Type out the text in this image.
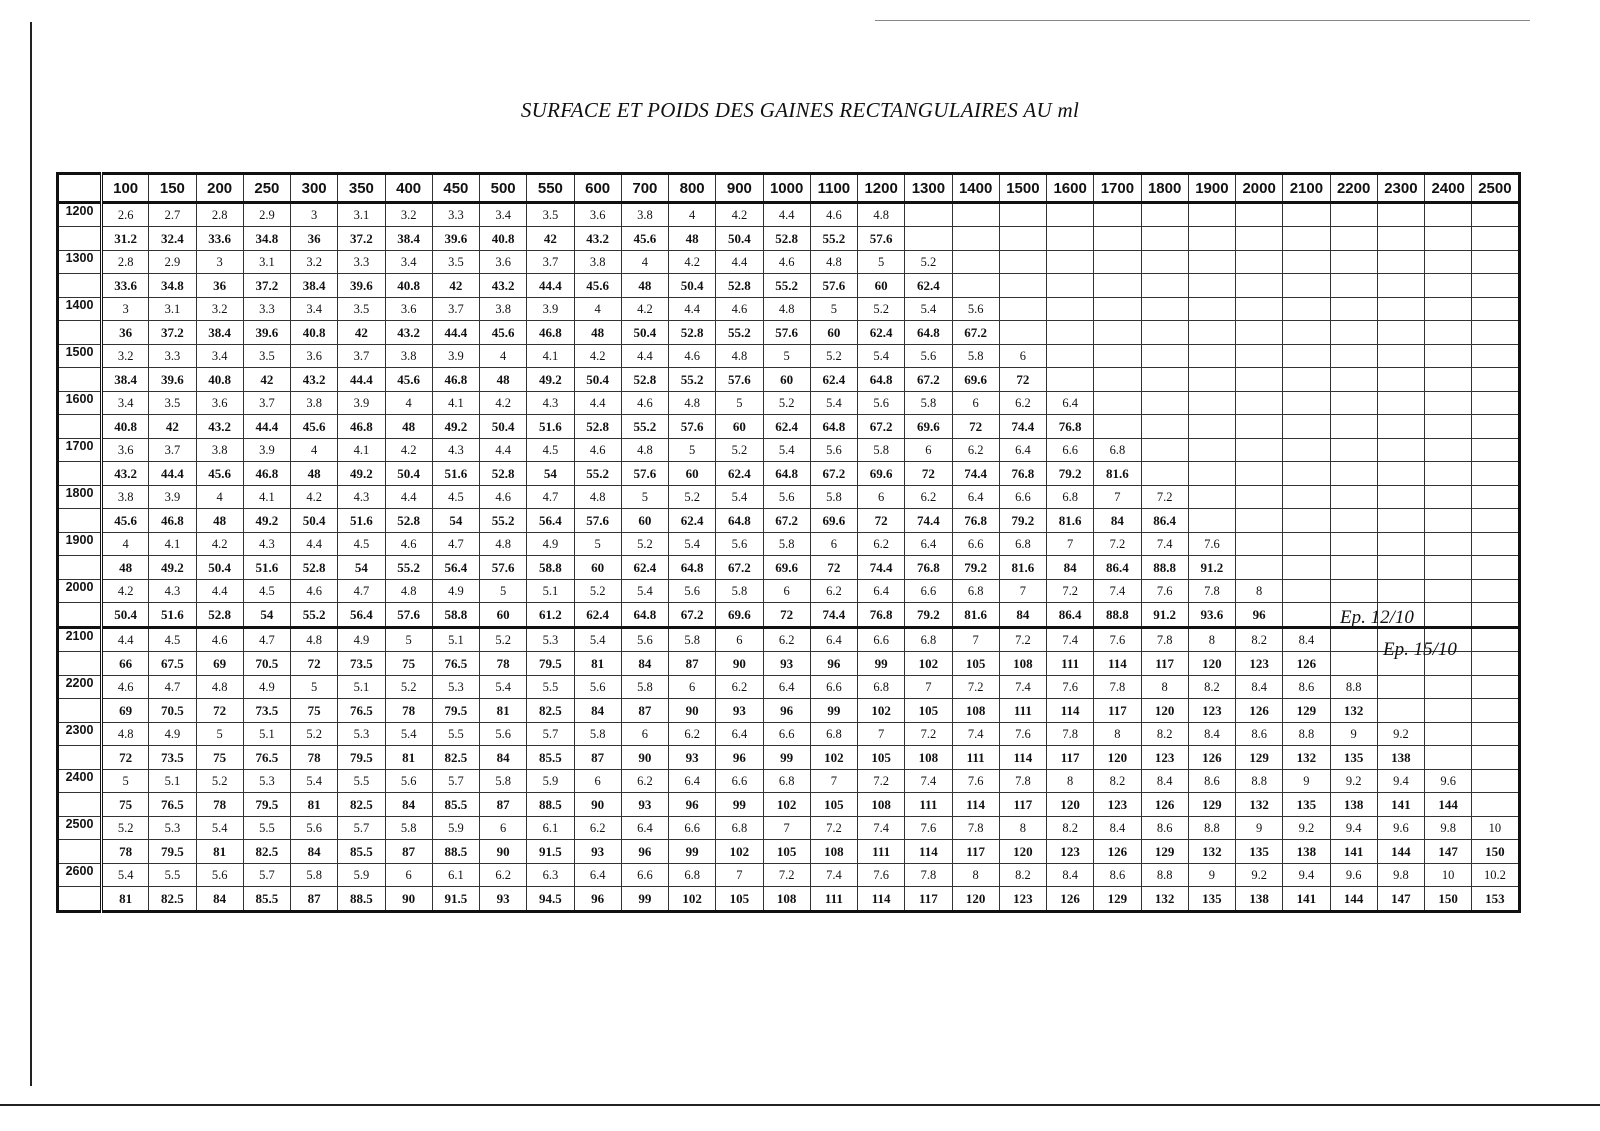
SURFACE ET POIDS DES GAINES RECTANGULAIRES AU ml
	100	150	200	250	300	350	400	450	500	550	600	700	800	900	1000	1100	1200	1300	1400	1500	1600	1700	1800	1900	2000	2100	2200	2300	2400	2500
1200	2.6	2.7	2.8	2.9	3	3.1	3.2	3.3	3.4	3.5	3.6	3.8	4	4.2	4.4	4.6	4.8													
	31.2	32.4	33.6	34.8	36	37.2	38.4	39.6	40.8	42	43.2	45.6	48	50.4	52.8	55.2	57.6													
1300	2.8	2.9	3	3.1	3.2	3.3	3.4	3.5	3.6	3.7	3.8	4	4.2	4.4	4.6	4.8	5	5.2												
	33.6	34.8	36	37.2	38.4	39.6	40.8	42	43.2	44.4	45.6	48	50.4	52.8	55.2	57.6	60	62.4												
1400	3	3.1	3.2	3.3	3.4	3.5	3.6	3.7	3.8	3.9	4	4.2	4.4	4.6	4.8	5	5.2	5.4	5.6											
	36	37.2	38.4	39.6	40.8	42	43.2	44.4	45.6	46.8	48	50.4	52.8	55.2	57.6	60	62.4	64.8	67.2											
1500	3.2	3.3	3.4	3.5	3.6	3.7	3.8	3.9	4	4.1	4.2	4.4	4.6	4.8	5	5.2	5.4	5.6	5.8	6										
	38.4	39.6	40.8	42	43.2	44.4	45.6	46.8	48	49.2	50.4	52.8	55.2	57.6	60	62.4	64.8	67.2	69.6	72										
1600	3.4	3.5	3.6	3.7	3.8	3.9	4	4.1	4.2	4.3	4.4	4.6	4.8	5	5.2	5.4	5.6	5.8	6	6.2	6.4									
	40.8	42	43.2	44.4	45.6	46.8	48	49.2	50.4	51.6	52.8	55.2	57.6	60	62.4	64.8	67.2	69.6	72	74.4	76.8									
1700	3.6	3.7	3.8	3.9	4	4.1	4.2	4.3	4.4	4.5	4.6	4.8	5	5.2	5.4	5.6	5.8	6	6.2	6.4	6.6	6.8								
	43.2	44.4	45.6	46.8	48	49.2	50.4	51.6	52.8	54	55.2	57.6	60	62.4	64.8	67.2	69.6	72	74.4	76.8	79.2	81.6								
1800	3.8	3.9	4	4.1	4.2	4.3	4.4	4.5	4.6	4.7	4.8	5	5.2	5.4	5.6	5.8	6	6.2	6.4	6.6	6.8	7	7.2							
	45.6	46.8	48	49.2	50.4	51.6	52.8	54	55.2	56.4	57.6	60	62.4	64.8	67.2	69.6	72	74.4	76.8	79.2	81.6	84	86.4							
1900	4	4.1	4.2	4.3	4.4	4.5	4.6	4.7	4.8	4.9	5	5.2	5.4	5.6	5.8	6	6.2	6.4	6.6	6.8	7	7.2	7.4	7.6						
	48	49.2	50.4	51.6	52.8	54	55.2	56.4	57.6	58.8	60	62.4	64.8	67.2	69.6	72	74.4	76.8	79.2	81.6	84	86.4	88.8	91.2						
2000	4.2	4.3	4.4	4.5	4.6	4.7	4.8	4.9	5	5.1	5.2	5.4	5.6	5.8	6	6.2	6.4	6.6	6.8	7	7.2	7.4	7.6	7.8	8					
	50.4	51.6	52.8	54	55.2	56.4	57.6	58.8	60	61.2	62.4	64.8	67.2	69.6	72	74.4	76.8	79.2	81.6	84	86.4	88.8	91.2	93.6	96					
2100	4.4	4.5	4.6	4.7	4.8	4.9	5	5.1	5.2	5.3	5.4	5.6	5.8	6	6.2	6.4	6.6	6.8	7	7.2	7.4	7.6	7.8	8	8.2	8.4				
	66	67.5	69	70.5	72	73.5	75	76.5	78	79.5	81	84	87	90	93	96	99	102	105	108	111	114	117	120	123	126				
2200	4.6	4.7	4.8	4.9	5	5.1	5.2	5.3	5.4	5.5	5.6	5.8	6	6.2	6.4	6.6	6.8	7	7.2	7.4	7.6	7.8	8	8.2	8.4	8.6	8.8			
	69	70.5	72	73.5	75	76.5	78	79.5	81	82.5	84	87	90	93	96	99	102	105	108	111	114	117	120	123	126	129	132			
2300	4.8	4.9	5	5.1	5.2	5.3	5.4	5.5	5.6	5.7	5.8	6	6.2	6.4	6.6	6.8	7	7.2	7.4	7.6	7.8	8	8.2	8.4	8.6	8.8	9	9.2		
	72	73.5	75	76.5	78	79.5	81	82.5	84	85.5	87	90	93	96	99	102	105	108	111	114	117	120	123	126	129	132	135	138		
2400	5	5.1	5.2	5.3	5.4	5.5	5.6	5.7	5.8	5.9	6	6.2	6.4	6.6	6.8	7	7.2	7.4	7.6	7.8	8	8.2	8.4	8.6	8.8	9	9.2	9.4	9.6	
	75	76.5	78	79.5	81	82.5	84	85.5	87	88.5	90	93	96	99	102	105	108	111	114	117	120	123	126	129	132	135	138	141	144	
2500	5.2	5.3	5.4	5.5	5.6	5.7	5.8	5.9	6	6.1	6.2	6.4	6.6	6.8	7	7.2	7.4	7.6	7.8	8	8.2	8.4	8.6	8.8	9	9.2	9.4	9.6	9.8	10
	78	79.5	81	82.5	84	85.5	87	88.5	90	91.5	93	96	99	102	105	108	111	114	117	120	123	126	129	132	135	138	141	144	147	150
2600	5.4	5.5	5.6	5.7	5.8	5.9	6	6.1	6.2	6.3	6.4	6.6	6.8	7	7.2	7.4	7.6	7.8	8	8.2	8.4	8.6	8.8	9	9.2	9.4	9.6	9.8	10	10.2
	81	82.5	84	85.5	87	88.5	90	91.5	93	94.5	96	99	102	105	108	111	114	117	120	123	126	129	132	135	138	141	144	147	150	153
Ep. 12/10
Ep. 15/10
